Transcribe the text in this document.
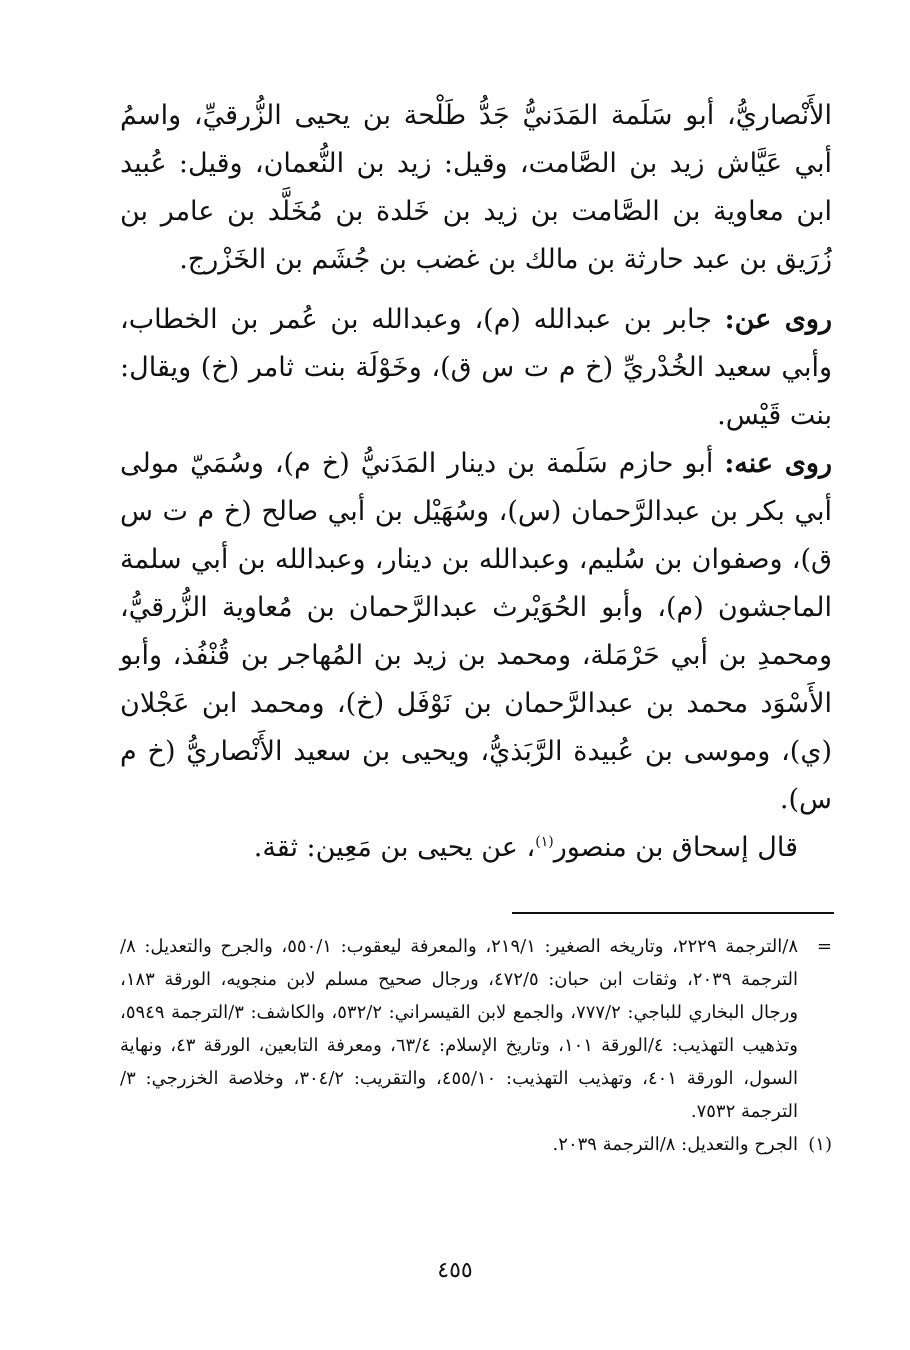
الأَنْصاريُّ، أبو سَلَمة المَدَنيُّ جَدُّ طَلْحة بن يحيى الزُّرقيِّ، واسمُ أبي عَيَّاش زيد بن الصَّامت، وقيل: زيد بن النُّعمان، وقيل: عُبيد ابن معاوية بن الصَّامت بن زيد بن خَلدة بن مُخَلَّد بن عامر بن زُرَيق بن عبد حارثة بن مالك بن غضب بن جُشَم بن الخَزْرج.

روى عن: جابر بن عبدالله (م)، وعبدالله بن عُمر بن الخطاب، وأبي سعيد الخُدْريِّ (خ م ت س ق)، وخَوْلَة بنت ثامر (خ) ويقال: بنت قَيْس.

روى عنه: أبو حازم سَلَمة بن دينار المَدَنيُّ (خ م)، وسُمَيّ مولى أبي بكر بن عبدالرَّحمان (س)، وسُهَيْل بن أبي صالح (خ م ت س ق)، وصفوان بن سُليم، وعبدالله بن دينار، وعبدالله بن أبي سلمة الماجشون (م)، وأبو الحُوَيْرث عبدالرَّحمان بن مُعاوية الزُّرقيُّ، ومحمدِ بن أبي حَرْمَلة، ومحمد بن زيد بن المُهاجر بن قُنْفُذ، وأبو الأَسْوَد محمد بن عبدالرَّحمان بن نَوْفَل (خ)، ومحمد ابن عَجْلان (ي)، وموسى بن عُبيدة الرَّبَذيُّ، ويحيى بن سعيد الأَنْصاريُّ (خ م س).

قال إسحاق بن منصور$^{(١)}$، عن يحيى بن مَعِين: ثقة.

=
٨/الترجمة ٢٢٢٩، وتاريخه الصغير: ٢١٩/١، والمعرفة ليعقوب: ٥٥٠/١، والجرح والتعديل: ٨/الترجمة ٢٠٣٩، وثقات ابن حبان: ٤٧٢/٥، ورجال صحيح مسلم لابن منجويه، الورقة ١٨٣، ورجال البخاري للباجي: ٧٧٧/٢، والجمع لابن القيسراني: ٥٣٢/٢، والكاشف: ٣/الترجمة ٥٩٤٩، وتذهيب التهذيب: ٤/الورقة ١٠١، وتاريخ الإسلام: ٦٣/٤، ومعرفة التابعين، الورقة ٤٣، ونهاية السول، الورقة ٤٠١، وتهذيب التهذيب: ٤٥٥/١٠، والتقريب: ٣٠٤/٢، وخلاصة الخزرجي: ٣/الترجمة ٧٥٣٢.
(١)
الجرح والتعديل: ٨/الترجمة ٢٠٣٩.
٤٥٥
